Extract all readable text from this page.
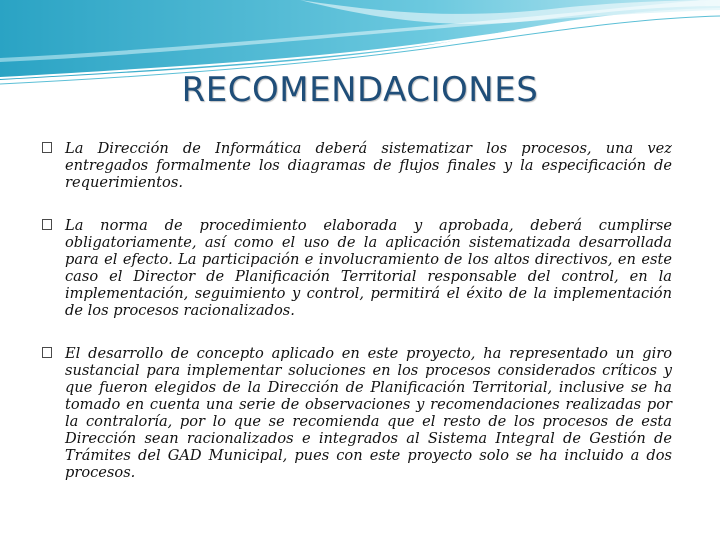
RECOMENDACIONES
La Dirección de Informática deberá sistematizar los procesos, una vez entregados formalmente los diagramas de flujos finales y la especificación de requerimientos.
La norma de procedimiento elaborada y aprobada, deberá cumplirse obligatoriamente, así como el uso de la aplicación sistematizada desarrollada para el efecto. La participación e involucramiento de los altos directivos, en este caso el Director de Planificación Territorial responsable del control, en la implementación, seguimiento y control, permitirá el éxito de la implementación de los procesos racionalizados.
El desarrollo de concepto aplicado en este proyecto, ha representado un giro sustancial para implementar soluciones en los procesos considerados críticos y que fueron elegidos de la Dirección de Planificación Territorial, inclusive se ha tomado en cuenta una serie de observaciones y recomendaciones realizadas por la contraloría, por lo que se recomienda que el resto de los procesos de esta Dirección sean racionalizados e integrados al Sistema Integral de Gestión de Trámites del GAD Municipal, pues con este proyecto solo se ha incluido a dos procesos.
